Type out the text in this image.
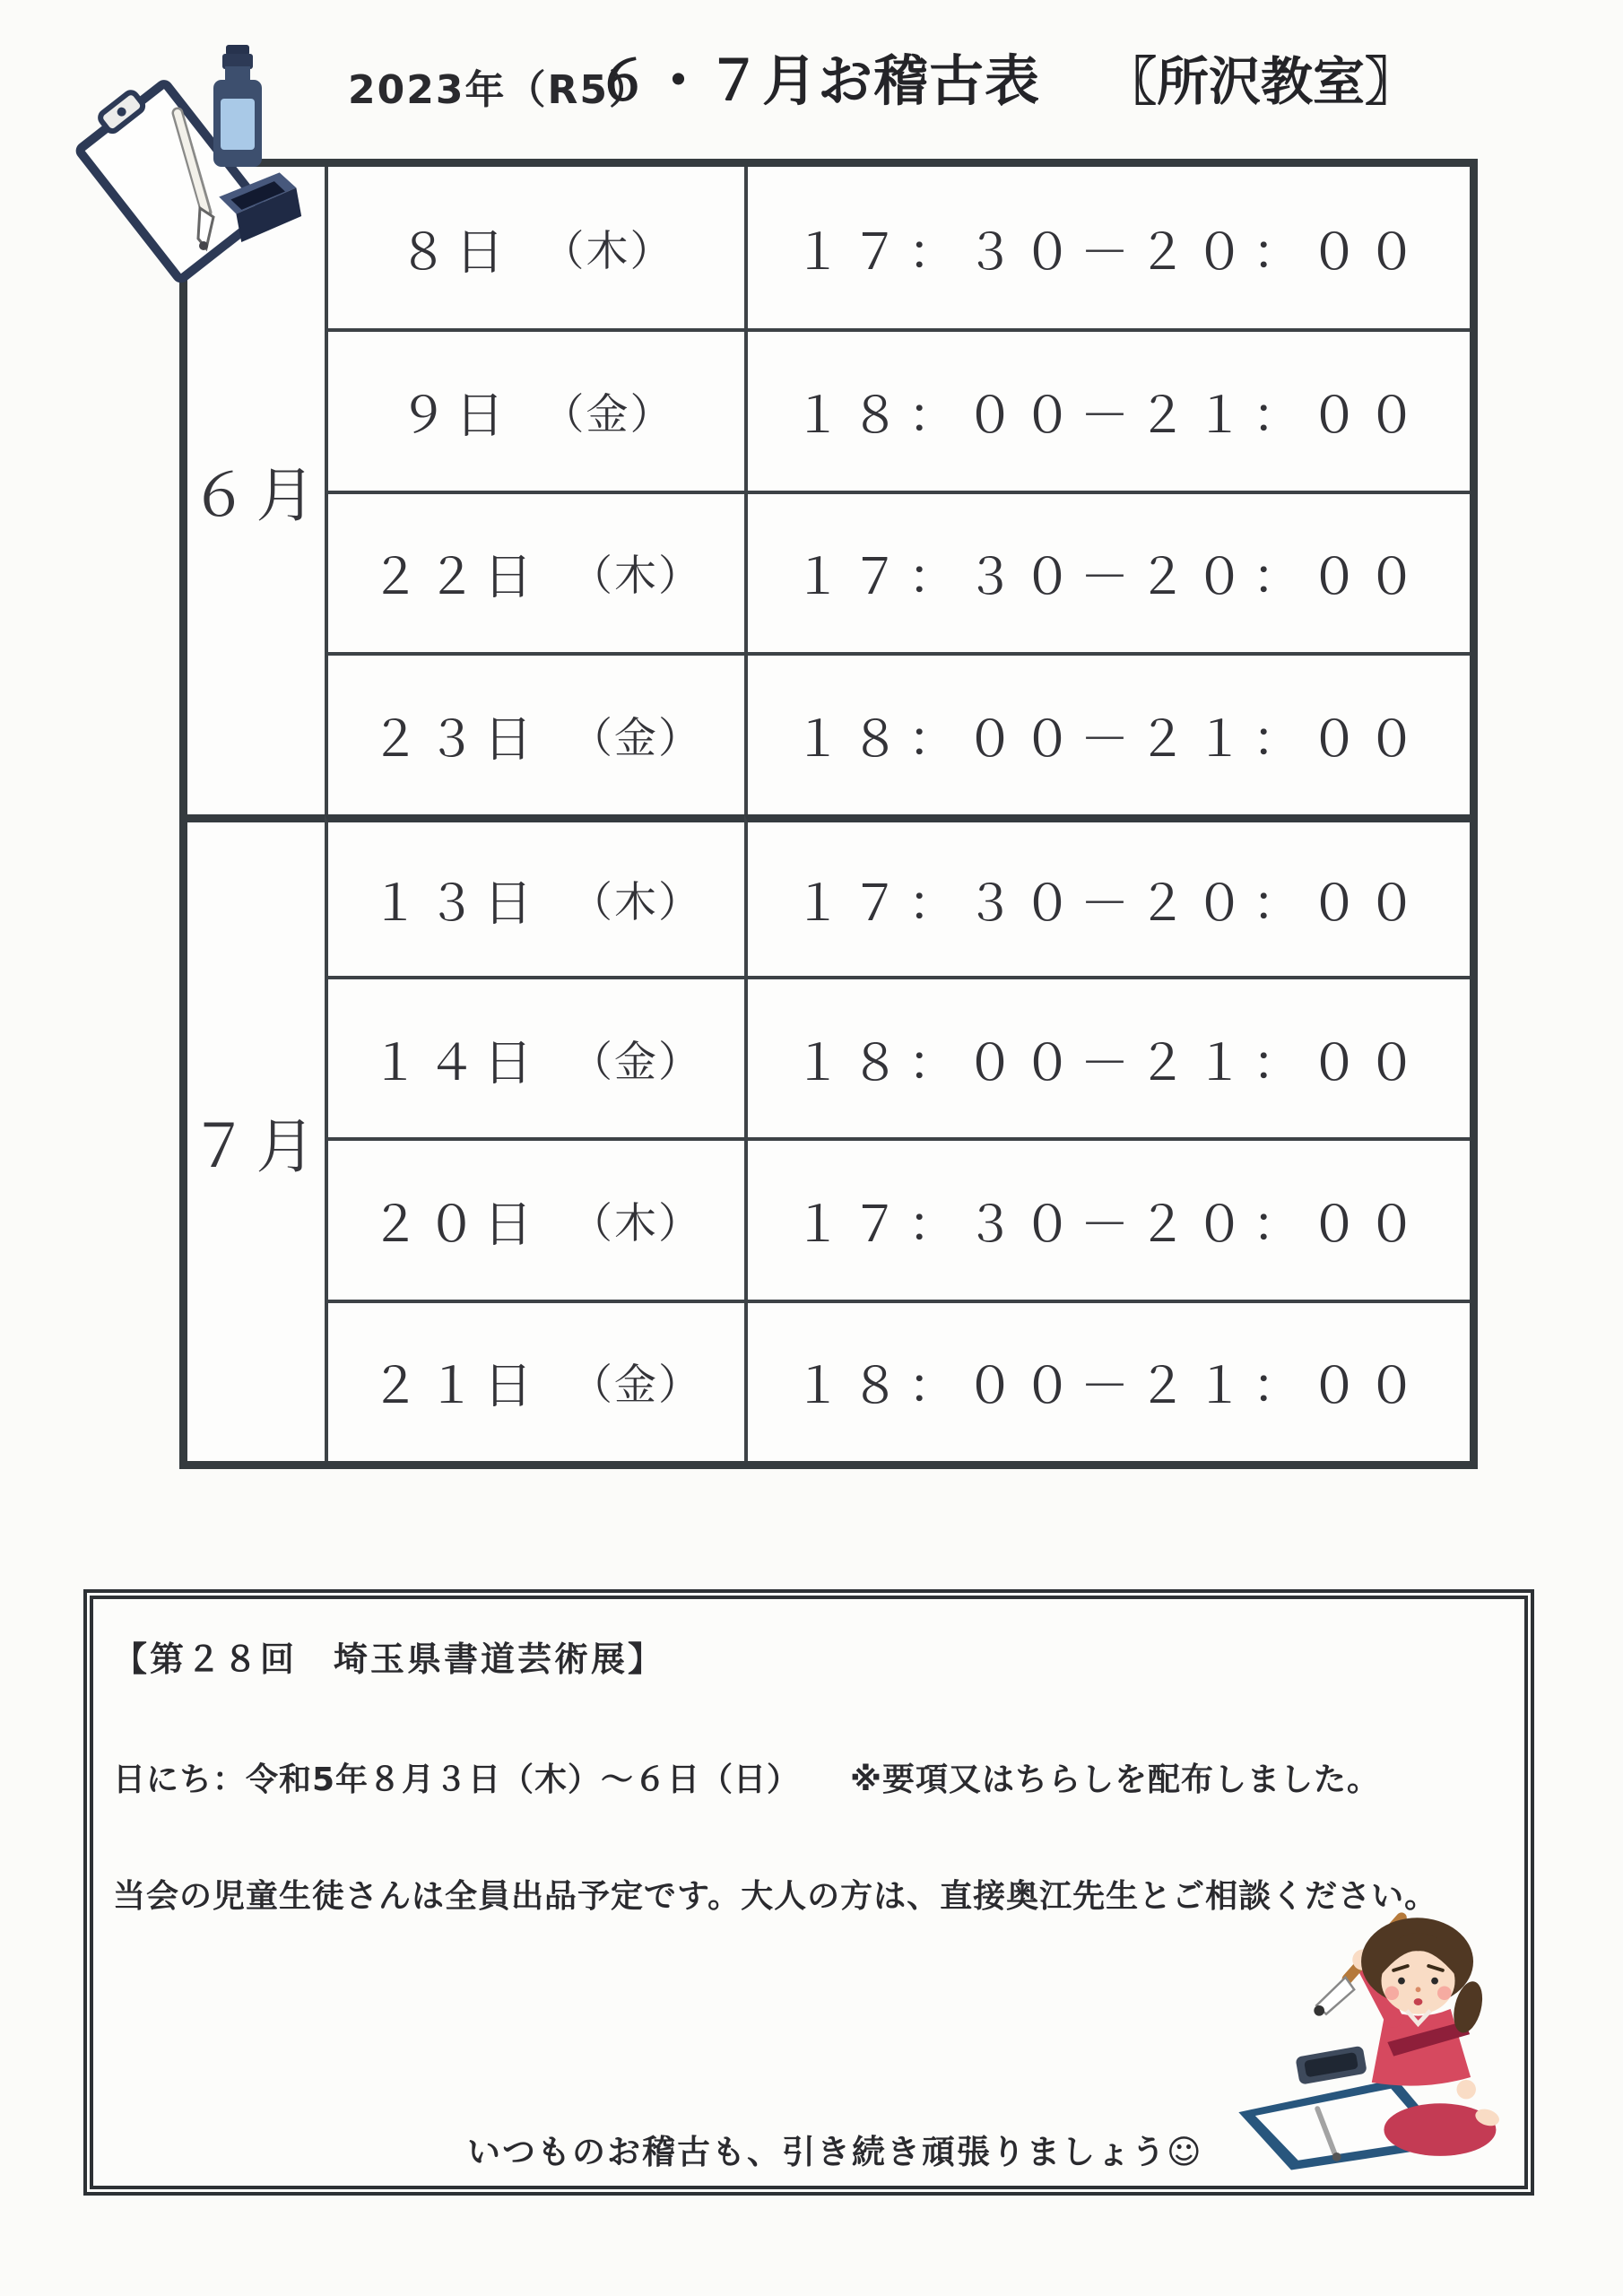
2023年（R5）
６・７月お稽古表 〖所沢教室〗
６月
７月
８日 （木） １７：３０－２０：００
９日 （金） １８：００－２１：００
２２日 （木） １７：３０－２０：００
２３日 （金） １８：００－２１：００
１３日 （木） １７：３０－２０：００
１４日 （金） １８：００－２１：００
２０日 （木） １７：３０－２０：００
２１日 （金） １８：００－２１：００
【第２８回　埼玉県書道芸術展】
日にち：令和5年８月３日（木）～６日（日）　　※要項又はちらしを配布しました。
当会の児童生徒さんは全員出品予定です。大人の方は、直接奥江先生とご相談ください。
いつものお稽古も、引き続き頑張りましょう☺
